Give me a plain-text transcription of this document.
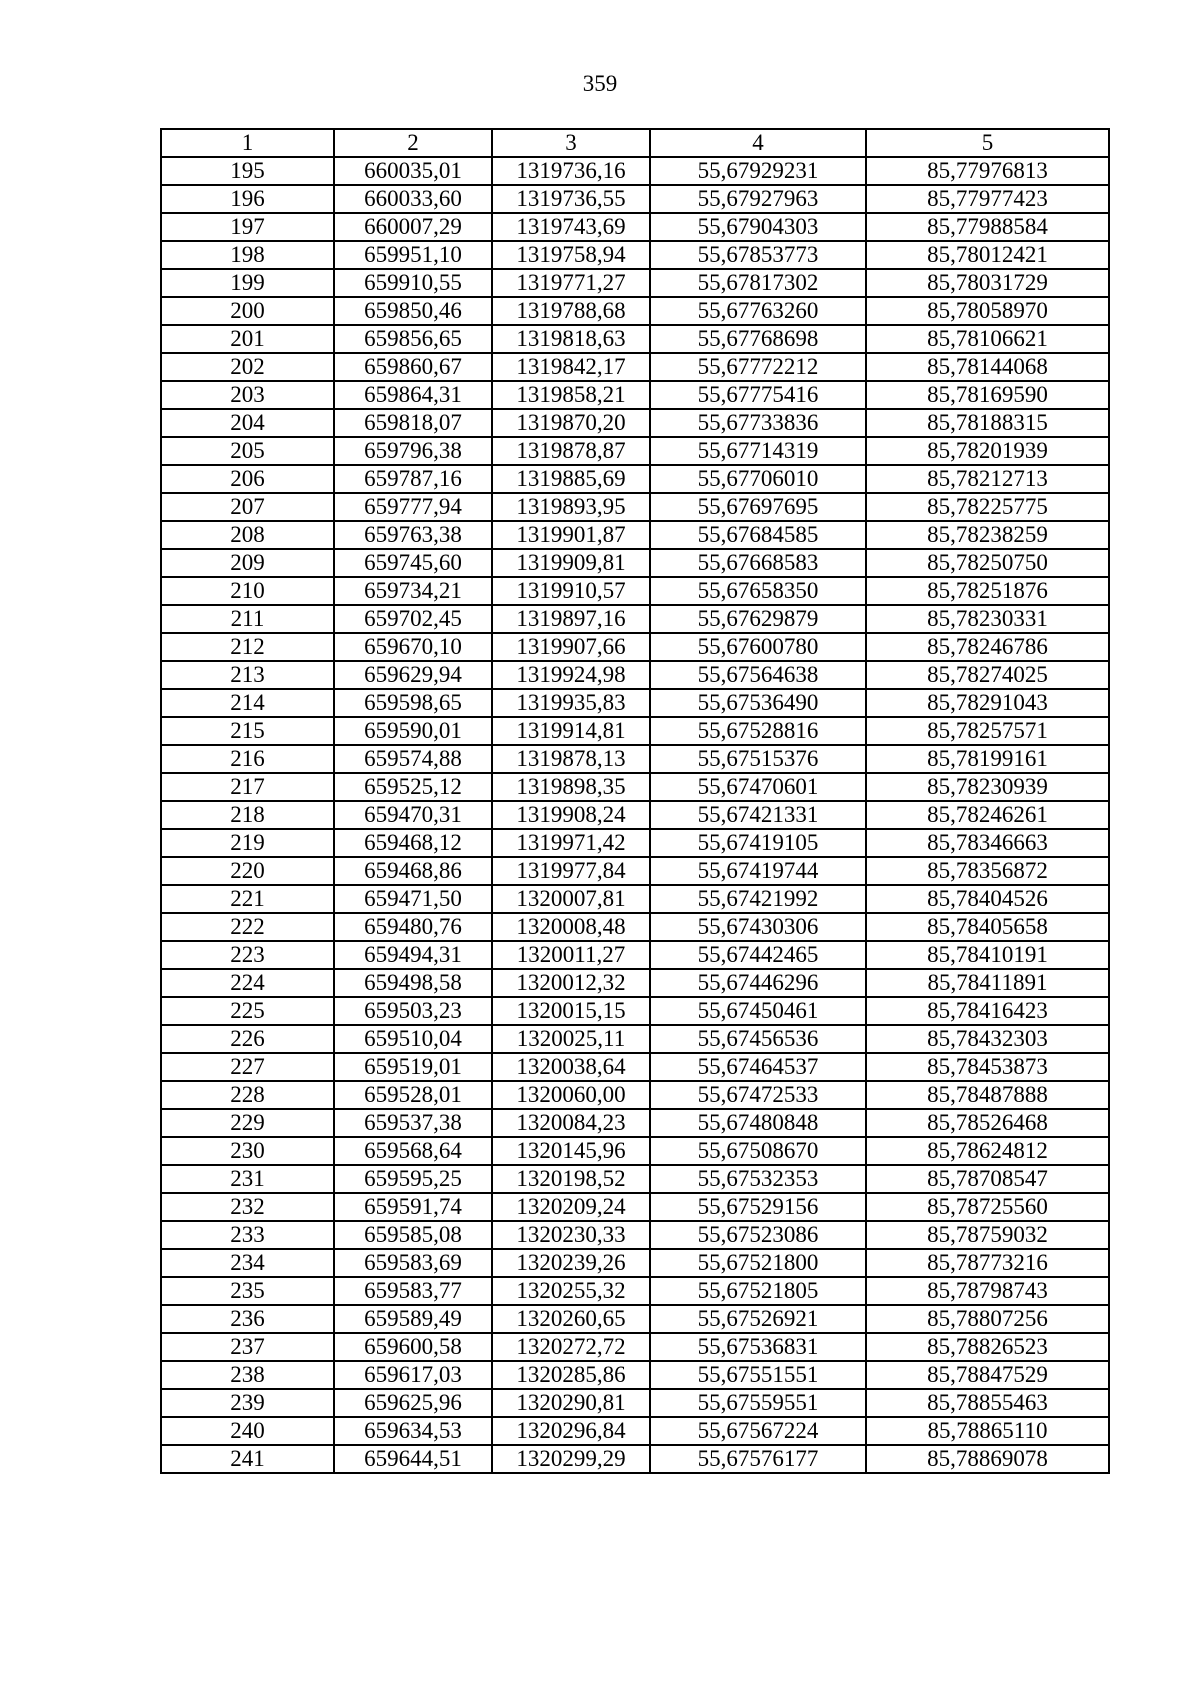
359
1	2	3	4	5
195	660035,01	1319736,16	55,67929231	85,77976813
196	660033,60	1319736,55	55,67927963	85,77977423
197	660007,29	1319743,69	55,67904303	85,77988584
198	659951,10	1319758,94	55,67853773	85,78012421
199	659910,55	1319771,27	55,67817302	85,78031729
200	659850,46	1319788,68	55,67763260	85,78058970
201	659856,65	1319818,63	55,67768698	85,78106621
202	659860,67	1319842,17	55,67772212	85,78144068
203	659864,31	1319858,21	55,67775416	85,78169590
204	659818,07	1319870,20	55,67733836	85,78188315
205	659796,38	1319878,87	55,67714319	85,78201939
206	659787,16	1319885,69	55,67706010	85,78212713
207	659777,94	1319893,95	55,67697695	85,78225775
208	659763,38	1319901,87	55,67684585	85,78238259
209	659745,60	1319909,81	55,67668583	85,78250750
210	659734,21	1319910,57	55,67658350	85,78251876
211	659702,45	1319897,16	55,67629879	85,78230331
212	659670,10	1319907,66	55,67600780	85,78246786
213	659629,94	1319924,98	55,67564638	85,78274025
214	659598,65	1319935,83	55,67536490	85,78291043
215	659590,01	1319914,81	55,67528816	85,78257571
216	659574,88	1319878,13	55,67515376	85,78199161
217	659525,12	1319898,35	55,67470601	85,78230939
218	659470,31	1319908,24	55,67421331	85,78246261
219	659468,12	1319971,42	55,67419105	85,78346663
220	659468,86	1319977,84	55,67419744	85,78356872
221	659471,50	1320007,81	55,67421992	85,78404526
222	659480,76	1320008,48	55,67430306	85,78405658
223	659494,31	1320011,27	55,67442465	85,78410191
224	659498,58	1320012,32	55,67446296	85,78411891
225	659503,23	1320015,15	55,67450461	85,78416423
226	659510,04	1320025,11	55,67456536	85,78432303
227	659519,01	1320038,64	55,67464537	85,78453873
228	659528,01	1320060,00	55,67472533	85,78487888
229	659537,38	1320084,23	55,67480848	85,78526468
230	659568,64	1320145,96	55,67508670	85,78624812
231	659595,25	1320198,52	55,67532353	85,78708547
232	659591,74	1320209,24	55,67529156	85,78725560
233	659585,08	1320230,33	55,67523086	85,78759032
234	659583,69	1320239,26	55,67521800	85,78773216
235	659583,77	1320255,32	55,67521805	85,78798743
236	659589,49	1320260,65	55,67526921	85,78807256
237	659600,58	1320272,72	55,67536831	85,78826523
238	659617,03	1320285,86	55,67551551	85,78847529
239	659625,96	1320290,81	55,67559551	85,78855463
240	659634,53	1320296,84	55,67567224	85,78865110
241	659644,51	1320299,29	55,67576177	85,78869078
